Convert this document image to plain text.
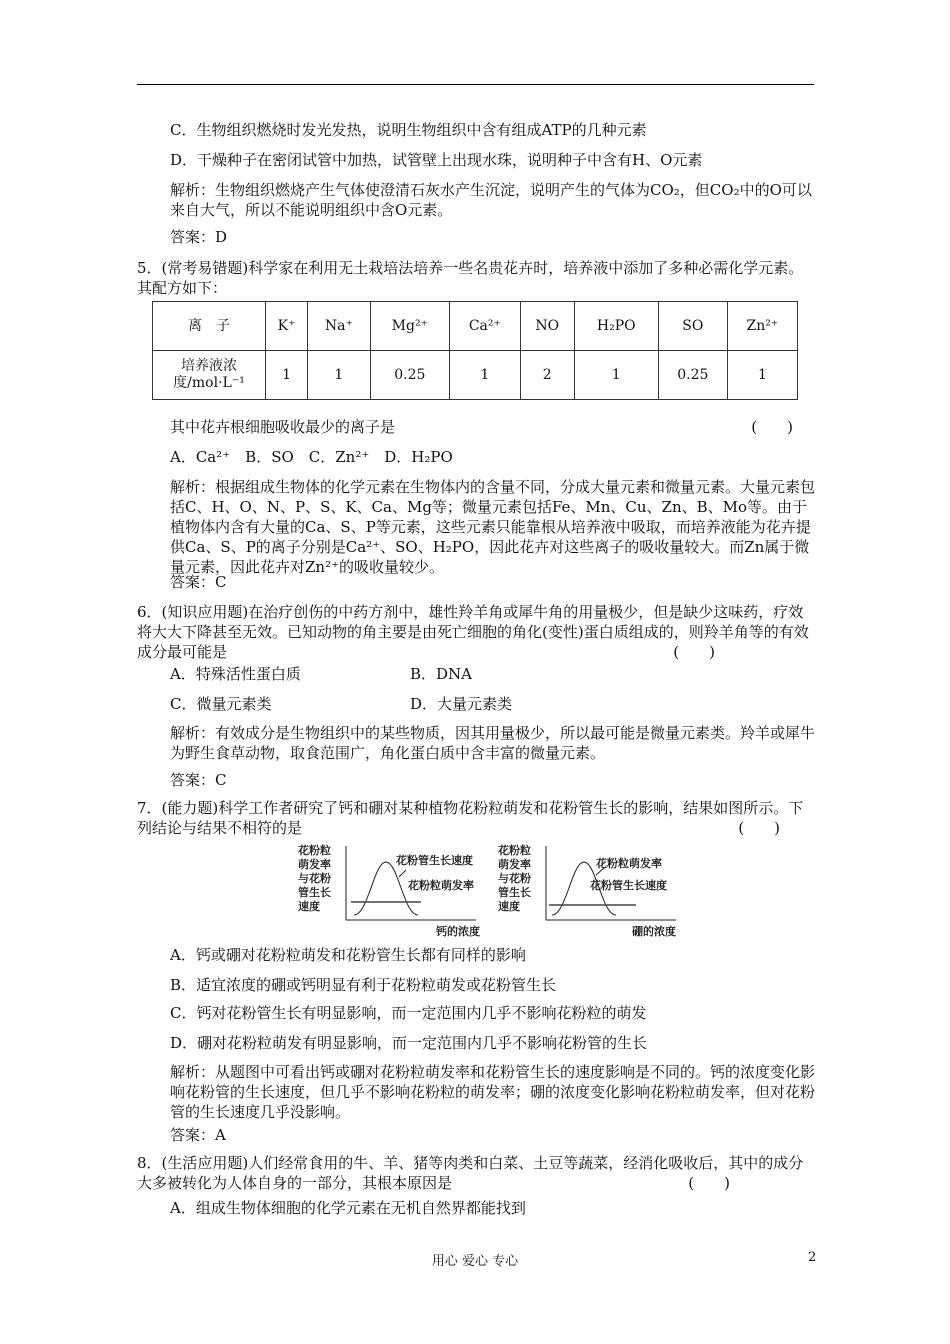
C．生物组织燃烧时发光发热，说明生物组织中含有组成ATP的几种元素
D．干燥种子在密闭试管中加热，试管壁上出现水珠，说明种子中含有H、O元素
解析：生物组织燃烧产生气体使澄清石灰水产生沉淀，说明产生的气体为CO₂，但CO₂中的O可以来自大气，所以不能说明组织中含O元素。
答案：D
5．(常考易错题)科学家在利用无土栽培法培养一些名贵花卉时，培养液中添加了多种必需化学元素。其配方如下：
离　子	K⁺	Na⁺	Mg²⁺	Ca²⁺	NO	H₂PO	SO	Zn²⁺
培养液浓度/mol·L⁻¹	1	1	0.25	1	2	1	0.25	1
其中花卉根细胞吸收最少的离子是	(　　)
A．Ca²⁺　B．SO　C．Zn²⁺　D．H₂PO
解析：根据组成生物体的化学元素在生物体内的含量不同，分成大量元素和微量元素。大量元素包括C、H、O、N、P、S、K、Ca、Mg等；微量元素包括Fe、Mn、Cu、Zn、B、Mo等。由于植物体内含有大量的Ca、S、P等元素，这些元素只能靠根从培养液中吸取，而培养液能为花卉提供Ca、S、P的离子分别是Ca²⁺、SO、H₂PO，因此花卉对这些离子的吸收量较大。而Zn属于微量元素，因此花卉对Zn²⁺的吸收量较少。
答案：C
6．(知识应用题)在治疗创伤的中药方剂中，雄性羚羊角或犀牛角的用量极少，但是缺少这味药，疗效将大大下降甚至无效。已知动物的角主要是由死亡细胞的角化(变性)蛋白质组成的，则羚羊角等的有效成分最可能是	(　　)
A．特殊活性蛋白质	B．DNA
C．微量元素类	D．大量元素类
解析：有效成分是生物组织中的某些物质，因其用量极少，所以最可能是微量元素类。羚羊或犀牛为野生食草动物，取食范围广，角化蛋白质中含丰富的微量元素。
答案：C
7．(能力题)科学工作者研究了钙和硼对某种植物花粉粒萌发和花粉管生长的影响，结果如图所示。下列结论与结果不相符的是	(　　)
花粉粒
萌发率
与花粉
管生长
速度
花粉管生长速度
花粉粒萌发率
钙的浓度
花粉粒
萌发率
与花粉
管生长
速度
花粉粒萌发率
花粉管生长速度
硼的浓度
A．钙或硼对花粉粒萌发和花粉管生长都有同样的影响
B．适宜浓度的硼或钙明显有利于花粉粒萌发或花粉管生长
C．钙对花粉管生长有明显影响，而一定范围内几乎不影响花粉粒的萌发
D．硼对花粉粒萌发有明显影响，而一定范围内几乎不影响花粉管的生长
解析：从题图中可看出钙或硼对花粉粒萌发率和花粉管生长的速度影响是不同的。钙的浓度变化影响花粉管的生长速度，但几乎不影响花粉粒的萌发率；硼的浓度变化影响花粉粒萌发率，但对花粉管的生长速度几乎没影响。
答案：A
8．(生活应用题)人们经常食用的牛、羊、猪等肉类和白菜、土豆等蔬菜，经消化吸收后，其中的成分大多被转化为人体自身的一部分，其根本原因是	(　　)
A．组成生物体细胞的化学元素在无机自然界都能找到
用心 爱心 专心	2
